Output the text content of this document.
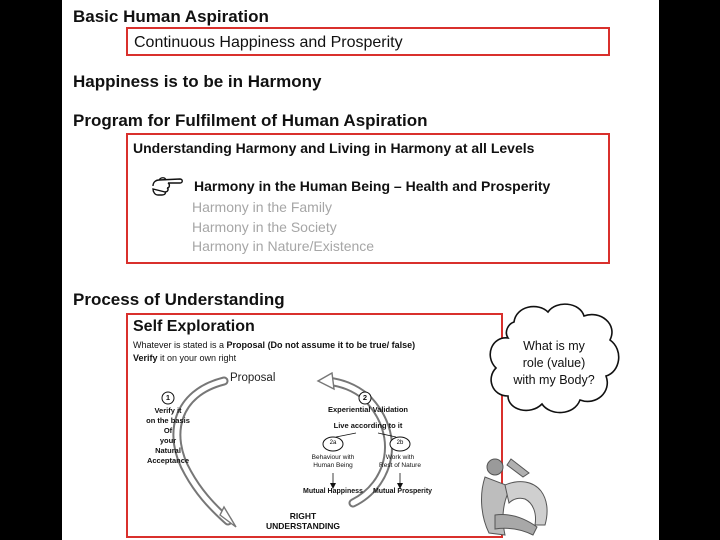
Basic Human Aspiration
Continuous Happiness and Prosperity
Happiness is to be in Harmony
Program for Fulfilment of Human Aspiration
Understanding Harmony and Living in Harmony at all Levels
Harmony in the Human Being – Health and Prosperity
Harmony in the Family
Harmony in the Society
Harmony in Nature/Existence
Process of Understanding
Self Exploration
Whatever is stated is a Proposal (Do not assume it to be true/ false)
Verify it on your own right
Proposal
1	2
Verify it
on the basis
Of
your
Natural
Acceptance
Experiential Validation
Live according to it
2a	2b
Behaviour with
Human Being
Work with
Rest of Nature
Mutual Happiness	Mutual Prosperity
RIGHT
UNDERSTANDING
What is my
role (value)
with my Body?
